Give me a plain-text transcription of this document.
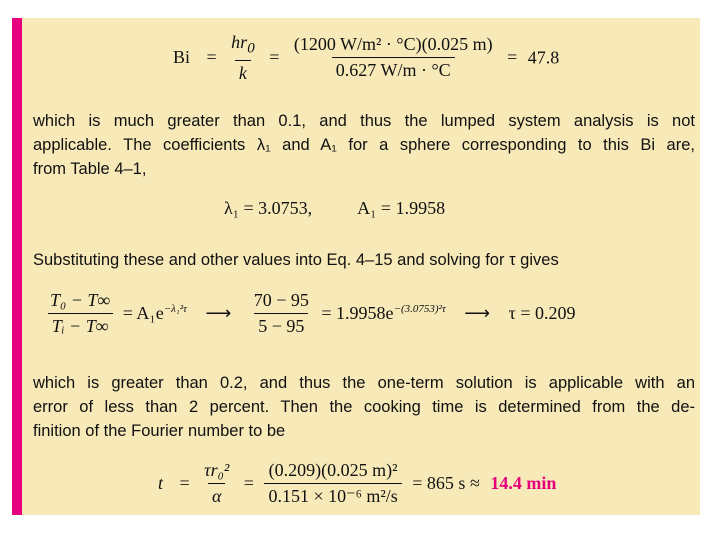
$Bi = \frac{hr_0}{k} = \frac{\text{(1200 W/m² · °C)(0.025 m)}}{0.627 W/m \cdot ^\circ C} = 47.8$
which is much greater than 0.1, and thus the lumped system analysis is not
applicable. The coefficients λ₁ and A₁ for a sphere corresponding to this Bi are,
from Table 4–1,
λ₁ = 3.0753,	A₁ = 1.9958
Substituting these and other values into Eq. 4–15 and solving for τ gives
$\frac{\text{T₀ − T∞}}{\text{Tᵢ − T∞}} = A_1e^{-\lambda_1^2\tau}$ ⟶ $\frac{70 - 95}{5 - 95} = 1.9958e^{-(3.0753)^2\tau}$ ⟶ τ = 0.209
which is greater than 0.2, and thus the one-term solution is applicable with an
error of less than 2 percent. Then the cooking time is determined from the de-
finition of the Fourier number to be
$t = \frac{\text{τr₀²}}{\alpha} = \frac{\text{(0.209)(0.025 m)²}}{\text{0.151 × 10⁻⁶ m²/s}} = 865$ s ≈ 14.4 min
